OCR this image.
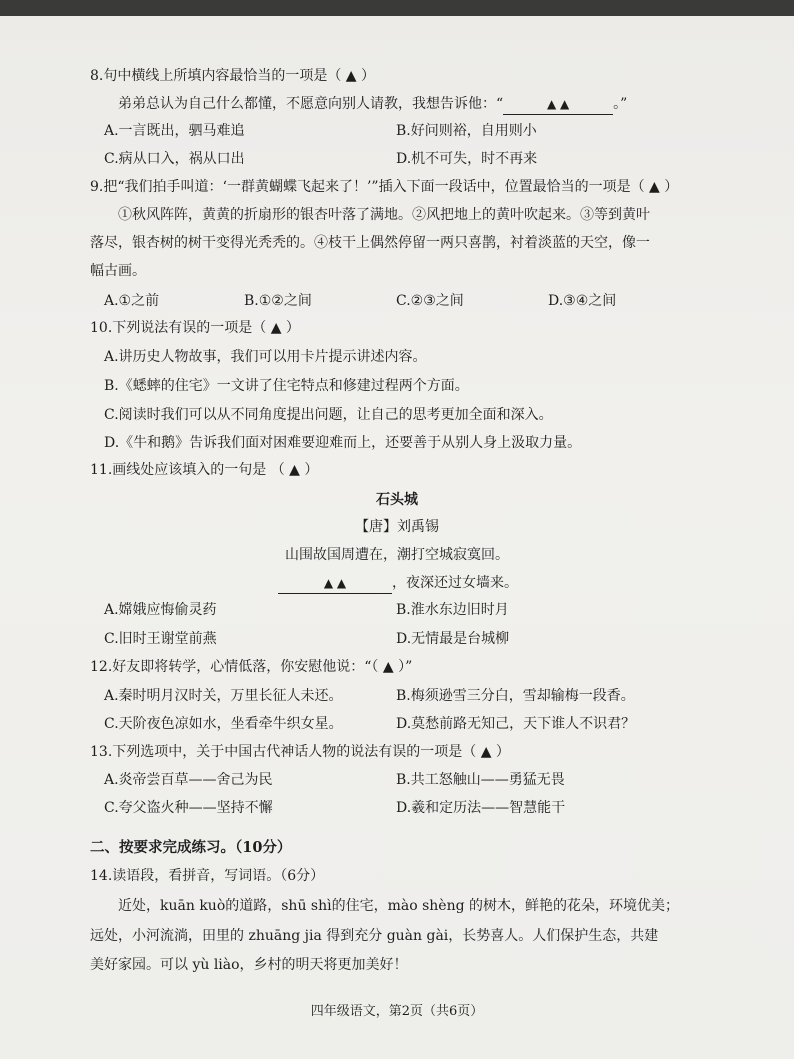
8.句中横线上所填内容最恰当的一项是（ ▲ ）
弟弟总认为自己什么都懂，不愿意向别人请教，我想告诉他：“	▲ ▲	。”
A.一言既出，驷马难追	B.好问则裕，自用则小
C.病从口入，祸从口出	D.机不可失，时不再来
9.把“我们拍手叫道：‘一群黄蝴蝶飞起来了！’”插入下面一段话中，位置最恰当的一项是（ ▲ ）
①秋风阵阵，黄黄的折扇形的银杏叶落了满地。②风把地上的黄叶吹起来。③等到黄叶
落尽，银杏树的树干变得光秃秃的。④枝干上偶然停留一两只喜鹊，衬着淡蓝的天空，像一
幅古画。
A.①之前	B.①②之间	C.②③之间	D.③④之间
10.下列说法有误的一项是（ ▲ ）
A.讲历史人物故事，我们可以用卡片提示讲述内容。
B.《蟋蟀的住宅》一文讲了住宅特点和修建过程两个方面。
C.阅读时我们可以从不同角度提出问题，让自己的思考更加全面和深入。
D.《牛和鹅》告诉我们面对困难要迎难而上，还要善于从别人身上汲取力量。
11.画线处应该填入的一句是 （ ▲ ）
石头城
【唐】刘禹锡
山围故国周遭在，潮打空城寂寞回。
▲ ▲	，夜深还过女墙来。
A.嫦娥应悔偷灵药	B.淮水东边旧时月
C.旧时王谢堂前燕	D.无情最是台城柳
12.好友即将转学，心情低落，你安慰他说：“（ ▲ ）”
A.秦时明月汉时关，万里长征人未还。	B.梅须逊雪三分白，雪却输梅一段香。
C.天阶夜色凉如水，坐看牵牛织女星。	D.莫愁前路无知己，天下谁人不识君？
13.下列选项中，关于中国古代神话人物的说法有误的一项是（ ▲ ）
A.炎帝尝百草——舍己为民	B.共工怒触山——勇猛无畏
C.夸父盗火种——坚持不懈	D.羲和定历法——智慧能干
二、按要求完成练习。（10分）
14.读语段，看拼音，写词语。（6分）
近处，kuān kuò的道路，shū shì的住宅，mào shèng 的树木，鲜艳的花朵，环境优美；
远处，小河流淌，田里的 zhuāng jia 得到充分 guàn gài，长势喜人。人们保护生态，共建
美好家园。可以 yù liào，乡村的明天将更加美好！
四年级语文，第2页（共6页）
